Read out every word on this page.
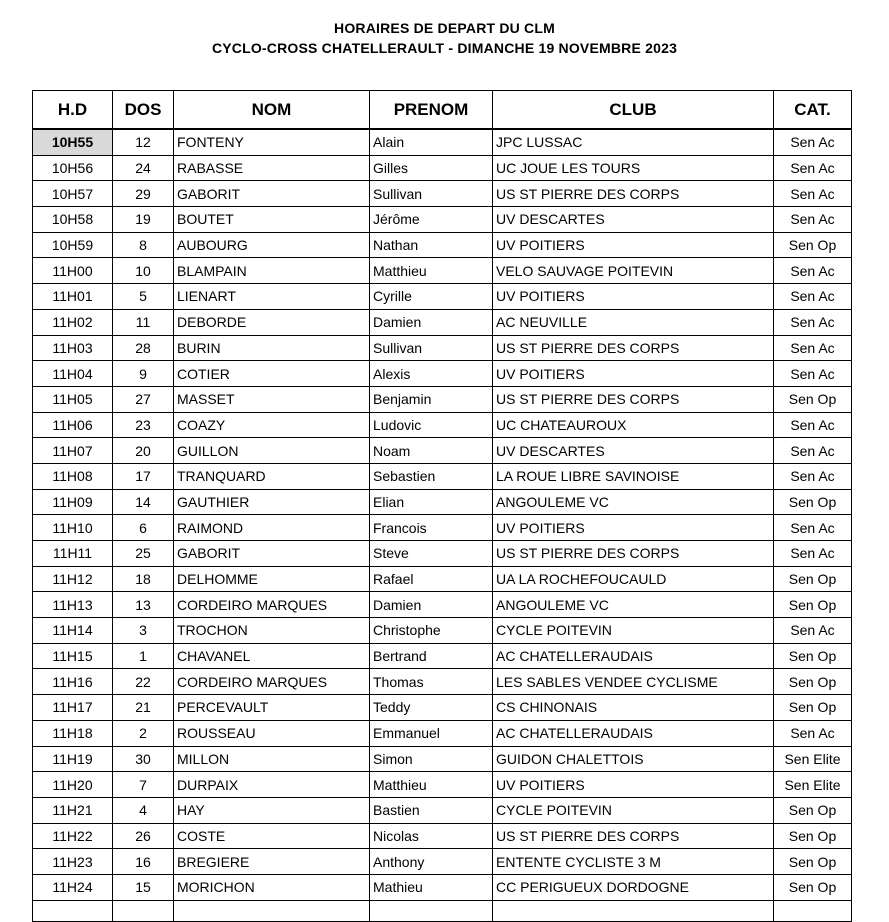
HORAIRES DE DEPART DU CLM
CYCLO-CROSS CHATELLERAULT - DIMANCHE 19 NOVEMBRE 2023
H.D	DOS	NOM	PRENOM	CLUB	CAT.
10H55	12	FONTENY	Alain	JPC LUSSAC	Sen Ac
10H56	24	RABASSE	Gilles	UC JOUE LES TOURS	Sen Ac
10H57	29	GABORIT	Sullivan	US ST PIERRE DES CORPS	Sen Ac
10H58	19	BOUTET	Jérôme	UV DESCARTES	Sen Ac
10H59	8	AUBOURG	Nathan	UV POITIERS	Sen Op
11H00	10	BLAMPAIN	Matthieu	VELO SAUVAGE POITEVIN	Sen Ac
11H01	5	LIENART	Cyrille	UV POITIERS	Sen Ac
11H02	11	DEBORDE	Damien	AC NEUVILLE	Sen Ac
11H03	28	BURIN	Sullivan	US ST PIERRE DES CORPS	Sen Ac
11H04	9	COTIER	Alexis	UV POITIERS	Sen Ac
11H05	27	MASSET	Benjamin	US ST PIERRE DES CORPS	Sen Op
11H06	23	COAZY	Ludovic	UC CHATEAUROUX	Sen Ac
11H07	20	GUILLON	Noam	UV DESCARTES	Sen Ac
11H08	17	TRANQUARD	Sebastien	LA ROUE LIBRE SAVINOISE	Sen Ac
11H09	14	GAUTHIER	Elian	ANGOULEME VC	Sen Op
11H10	6	RAIMOND	Francois	UV POITIERS	Sen Ac
11H11	25	GABORIT	Steve	US ST PIERRE DES CORPS	Sen Ac
11H12	18	DELHOMME	Rafael	UA LA ROCHEFOUCAULD	Sen Op
11H13	13	CORDEIRO MARQUES	Damien	ANGOULEME VC	Sen Op
11H14	3	TROCHON	Christophe	CYCLE POITEVIN	Sen Ac
11H15	1	CHAVANEL	Bertrand	AC CHATELLERAUDAIS	Sen Op
11H16	22	CORDEIRO MARQUES	Thomas	LES SABLES VENDEE CYCLISME	Sen Op
11H17	21	PERCEVAULT	Teddy	CS CHINONAIS	Sen Op
11H18	2	ROUSSEAU	Emmanuel	AC CHATELLERAUDAIS	Sen Ac
11H19	30	MILLON	Simon	GUIDON CHALETTOIS	Sen Elite
11H20	7	DURPAIX	Matthieu	UV POITIERS	Sen Elite
11H21	4	HAY	Bastien	CYCLE POITEVIN	Sen Op
11H22	26	COSTE	Nicolas	US ST PIERRE DES CORPS	Sen Op
11H23	16	BREGIERE	Anthony	ENTENTE CYCLISTE 3 M	Sen Op
11H24	15	MORICHON	Mathieu	CC PERIGUEUX DORDOGNE	Sen Op
